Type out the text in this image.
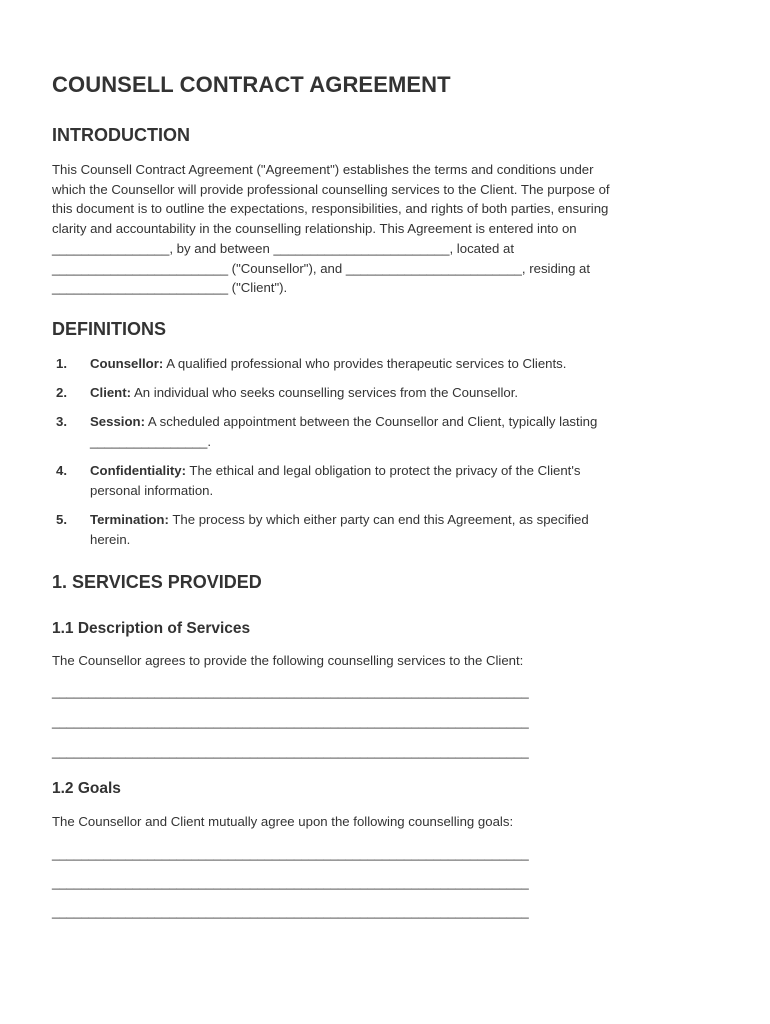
COUNSELL CONTRACT AGREEMENT
INTRODUCTION
This Counsell Contract Agreement ("Agreement") establishes the terms and conditions under
which the Counsellor will provide professional counselling services to the Client. The purpose of
this document is to outline the expectations, responsibilities, and rights of both parties, ensuring
clarity and accountability in the counselling relationship. This Agreement is entered into on
________________, by and between ________________________, located at
________________________ ("Counsellor"), and ________________________, residing at
________________________ ("Client").
DEFINITIONS
1. Counsellor: A qualified professional who provides therapeutic services to Clients.
2. Client: An individual who seeks counselling services from the Counsellor.
3. Session: A scheduled appointment between the Counsellor and Client, typically lasting
________________.
4. Confidentiality: The ethical and legal obligation to protect the privacy of the Client's
personal information.
5. Termination: The process by which either party can end this Agreement, as specified
herein.
1. SERVICES PROVIDED
1.1 Description of Services
The Counsellor agrees to provide the following counselling services to the Client:
_________________________________________________________________
_________________________________________________________________
_________________________________________________________________
1.2 Goals
The Counsellor and Client mutually agree upon the following counselling goals:
_________________________________________________________________
_________________________________________________________________
_________________________________________________________________
